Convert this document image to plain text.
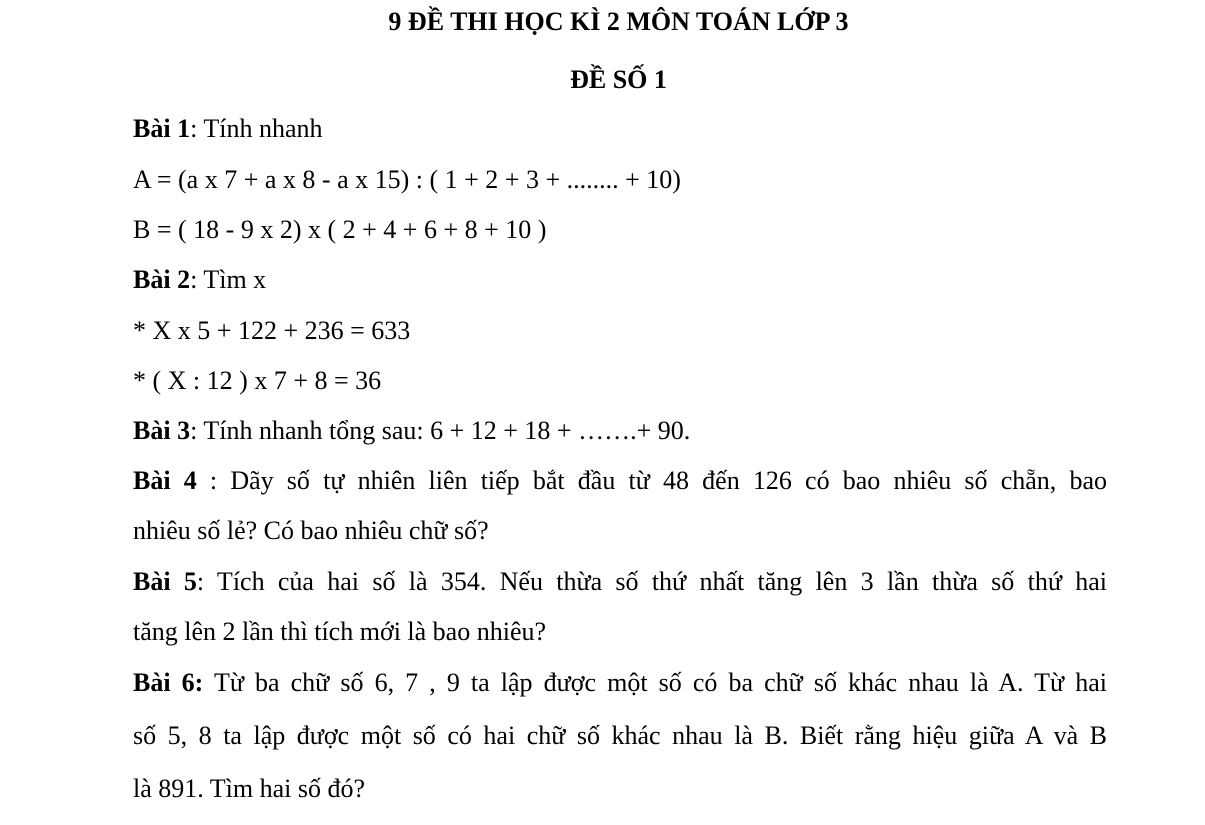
9 ĐỀ THI HỌC KÌ 2 MÔN TOÁN LỚP 3
ĐỀ SỐ 1
Bài 1: Tính nhanh
A = (a x 7 + a x 8 - a x 15) : ( 1 + 2 + 3 + ........ + 10)
B = ( 18 - 9 x 2) x ( 2 + 4 + 6 + 8 + 10 )
Bài 2: Tìm x
* X x 5 + 122 + 236 = 633
* ( X : 12 ) x 7 + 8 = 36
Bài 3: Tính nhanh tổng sau: 6 + 12 + 18 + …….+ 90.
Bài 4 : Dãy số tự nhiên liên tiếp bắt đầu từ 48 đến 126 có bao nhiêu số chẵn, bao
nhiêu số lẻ? Có bao nhiêu chữ số?
Bài 5: Tích của hai số là 354. Nếu thừa số thứ nhất tăng lên 3 lần thừa số thứ hai
tăng lên 2 lần thì tích mới là bao nhiêu?
Bài 6: Từ ba chữ số 6, 7 , 9 ta lập được một số có ba chữ số khác nhau là A. Từ hai
số 5, 8 ta lập được một số có hai chữ số khác nhau là B. Biết rằng hiệu giữa A và B
là 891. Tìm hai số đó?
